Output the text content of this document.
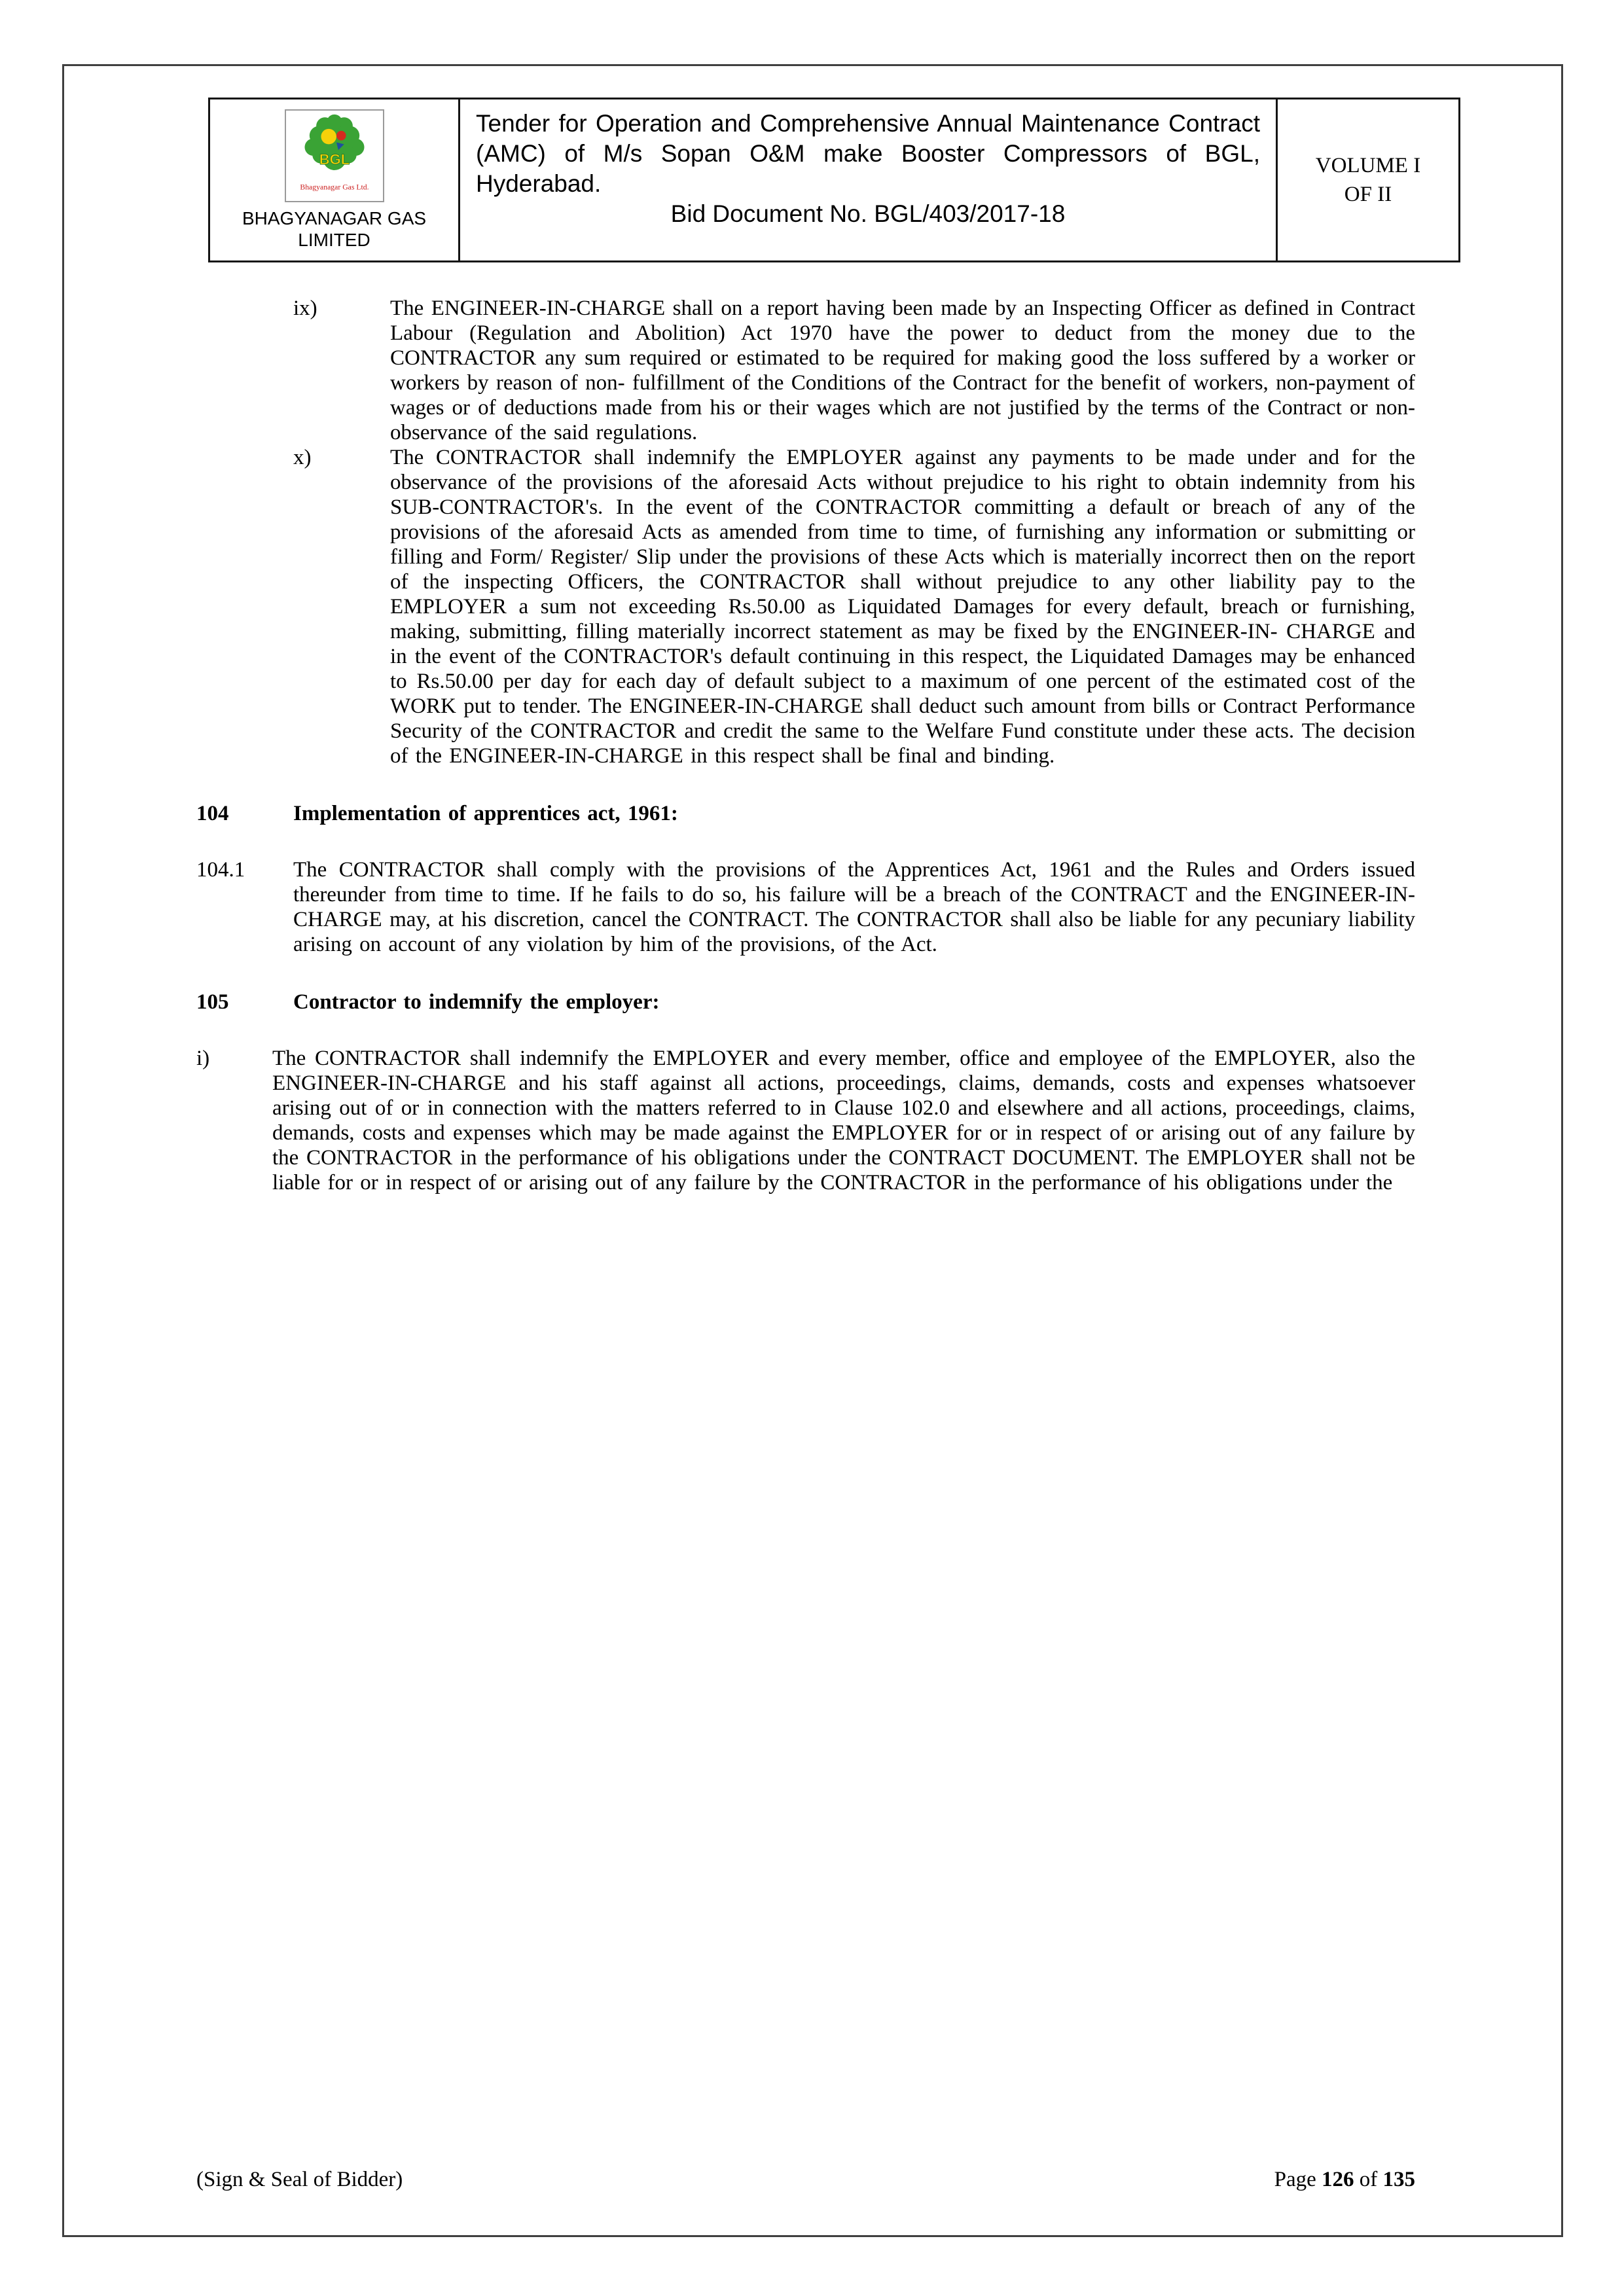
BGL
Bhagyanagar Gas Ltd.
BHAGYANAGAR GAS LIMITED
Tender for Operation and Comprehensive Annual Maintenance Contract (AMC) of M/s Sopan O&M make Booster Compressors of BGL, Hyderabad.
Bid Document No. BGL/403/2017-18
VOLUME I
OF II
ix)	The ENGINEER-IN-CHARGE shall on a report having been made by an Inspecting Officer as defined in Contract Labour (Regulation and Abolition) Act 1970 have the power to deduct from the money due to the CONTRACTOR any sum required or estimated to be required for making good the loss suffered by a worker or workers by reason of non- fulfillment of the Conditions of the Contract for the benefit of workers, non-payment of wages or of deductions made from his or their wages which are not justified by the terms of the Contract or non-observance of the said regulations.
x)	The CONTRACTOR shall indemnify the EMPLOYER against any payments to be made under and for the observance of the provisions of the aforesaid Acts without prejudice to his right to obtain indemnity from his SUB-CONTRACTOR's. In the event of the CONTRACTOR committing a default or breach of any of the provisions of the aforesaid Acts as amended from time to time, of furnishing any information or submitting or filling and Form/ Register/ Slip under the provisions of these Acts which is materially incorrect then on the report of the inspecting Officers, the CONTRACTOR shall without prejudice to any other liability pay to the EMPLOYER a sum not exceeding Rs.50.00 as Liquidated Damages for every default, breach or furnishing, making, submitting, filling materially incorrect statement as may be fixed by the ENGINEER-IN- CHARGE and in the event of the CONTRACTOR's default continuing in this respect, the Liquidated Damages may be enhanced to Rs.50.00 per day for each day of default subject to a maximum of one percent of the estimated cost of the WORK put to tender. The ENGINEER-IN-CHARGE shall deduct such amount from bills or Contract Performance Security of the CONTRACTOR and credit the same to the Welfare Fund constitute under these acts. The decision of the ENGINEER-IN-CHARGE in this respect shall be final and binding.
104	Implementation of apprentices act, 1961:
104.1	The CONTRACTOR shall comply with the provisions of the Apprentices Act, 1961 and the Rules and Orders issued thereunder from time to time. If he fails to do so, his failure will be a breach of the CONTRACT and the ENGINEER-IN-CHARGE may, at his discretion, cancel the CONTRACT. The CONTRACTOR shall also be liable for any pecuniary liability arising on account of any violation by him of the provisions, of the Act.
105	Contractor to indemnify the employer:
i)	The CONTRACTOR shall indemnify the EMPLOYER and every member, office and employee of the EMPLOYER, also the ENGINEER-IN-CHARGE and his staff against all actions, proceedings, claims, demands, costs and expenses whatsoever arising out of or in connection with the matters referred to in Clause 102.0 and elsewhere and all actions, proceedings, claims, demands, costs and expenses which may be made against the EMPLOYER for or in respect of or arising out of any failure by the CONTRACTOR in the performance of his obligations under the CONTRACT DOCUMENT. The EMPLOYER shall not be liable for or in respect of or arising out of any failure by the CONTRACTOR in the performance of his obligations under the
(Sign & Seal of Bidder)	Page 126 of 135
